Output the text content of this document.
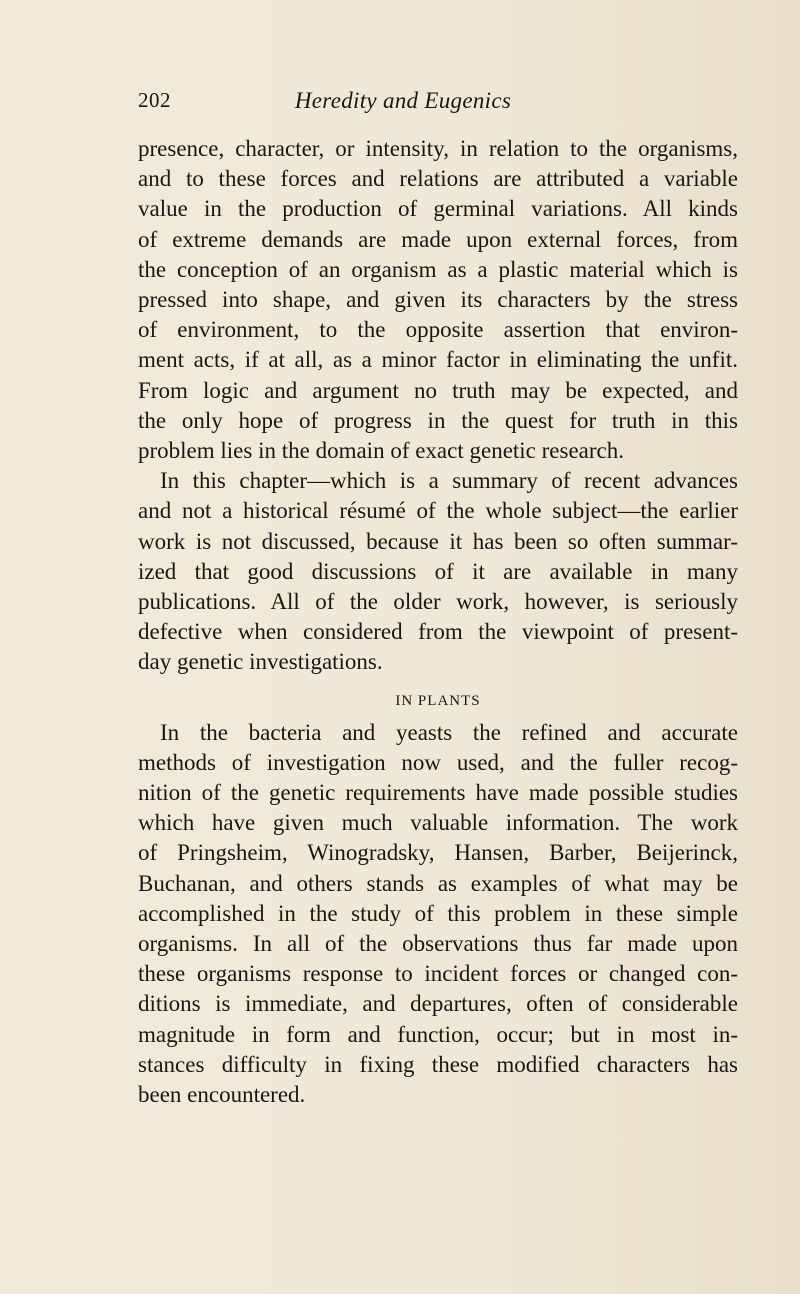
202	Heredity and Eugenics

presence, character, or intensity, in relation to the organisms,
and to these forces and relations are attributed a variable
value in the production of germinal variations. All kinds
of extreme demands are made upon external forces, from
the conception of an organism as a plastic material which is
pressed into shape, and given its characters by the stress
of environment, to the opposite assertion that environ-
ment acts, if at all, as a minor factor in eliminating the unfit.
From logic and argument no truth may be expected, and
the only hope of progress in the quest for truth in this
problem lies in the domain of exact genetic research.

In this chapter—which is a summary of recent advances
and not a historical résumé of the whole subject—the earlier
work is not discussed, because it has been so often summar-
ized that good discussions of it are available in many
publications. All of the older work, however, is seriously
defective when considered from the viewpoint of present-
day genetic investigations.

IN PLANTS

In the bacteria and yeasts the refined and accurate
methods of investigation now used, and the fuller recog-
nition of the genetic requirements have made possible studies
which have given much valuable information. The work
of Pringsheim, Winogradsky, Hansen, Barber, Beijerinck,
Buchanan, and others stands as examples of what may be
accomplished in the study of this problem in these simple
organisms. In all of the observations thus far made upon
these organisms response to incident forces or changed con-
ditions is immediate, and departures, often of considerable
magnitude in form and function, occur; but in most in-
stances difficulty in fixing these modified characters has
been encountered.
